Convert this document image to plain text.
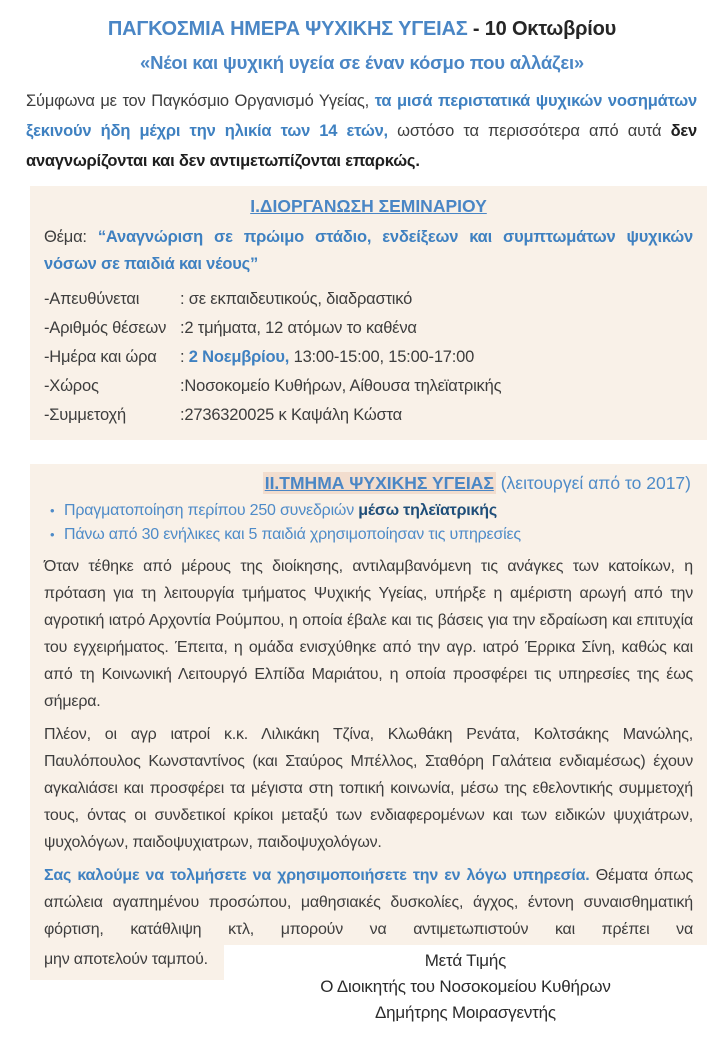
ΠΑΓΚΟΣΜΙΑ ΗΜΕΡΑ ΨΥΧΙΚΗΣ ΥΓΕΙΑΣ - 10 Οκτωβρίου
«Νέοι και ψυχική υγεία σε έναν κόσμο που αλλάζει»
Σύμφωνα με τον Παγκόσμιο Οργανισμό Υγείας, τα μισά περιστατικά ψυχικών νοσημάτων ξεκινούν ήδη μέχρι την ηλικία των 14 ετών, ωστόσο τα περισσότερα από αυτά δεν αναγνωρίζονται και δεν αντιμετωπίζονται επαρκώς.
Ι.ΔΙΟΡΓΑΝΩΣΗ ΣΕΜΙΝΑΡΙΟΥ
Θέμα: “Αναγνώριση σε πρώιμο στάδιο, ενδείξεων και συμπτωμάτων ψυχικών νόσων σε παιδιά και νέους”
-Απευθύνεται	: σε εκπαιδευτικούς, διαδραστικό
-Αριθμός θέσεων :2 τμήματα, 12 ατόμων το καθένα
-Ημέρα και ώρα	: 2 Νοεμβρίου, 13:00-15:00, 15:00-17:00
-Χώρος	:Νοσοκομείο Κυθήρων, Αίθουσα τηλεϊατρικής
-Συμμετοχή	:2736320025 κ Καψάλη Κώστα
ΙΙ.ΤΜΗΜΑ ΨΥΧΙΚΗΣ ΥΓΕΙΑΣ (λειτουργεί από το 2017)
• Πραγματοποίηση περίπου 250 συνεδριών μέσω τηλεϊατρικής
• Πάνω από 30 ενήλικες και 5 παιδιά χρησιμοποίησαν τις υπηρεσίες
Όταν τέθηκε από μέρους της διοίκησης, αντιλαμβανόμενη τις ανάγκες των κατοίκων, η πρόταση για τη λειτουργία τμήματος Ψυχικής Υγείας, υπήρξε η αμέριστη αρωγή από την αγροτική ιατρό Αρχοντία Ρούμπου, η οποία έβαλε και τις βάσεις για την εδραίωση και επιτυχία του εγχειρήματος. Έπειτα, η ομάδα ενισχύθηκε από την αγρ. ιατρό Έρρικα Σίνη, καθώς και από τη Κοινωνική Λειτουργό Ελπίδα Μαριάτου, η οποία προσφέρει τις υπηρεσίες της έως σήμερα.
Πλέον, οι αγρ ιατροί κ.κ. Λιλικάκη Τζίνα, Κλωθάκη Ρενάτα, Κολτσάκης Μανώλης, Παυλόπουλος Κωνσταντίνος (και Σταύρος Μπέλλος, Σταθόρη Γαλάτεια ενδιαμέσως) έχουν αγκαλιάσει και προσφέρει τα μέγιστα στη τοπική κοινωνία, μέσω της εθελοντικής συμμετοχή τους, όντας οι συνδετικοί κρίκοι μεταξύ των ενδιαφερομένων και των ειδικών ψυχιάτρων, ψυχολόγων, παιδοψυχιατρων, παιδοψυχολόγων.
Σας καλούμε να τολμήσετε να χρησιμοποιήσετε την εν λόγω υπηρεσία. Θέματα όπως απώλεια αγαπημένου προσώπου, μαθησιακές δυσκολίες, άγχος, έντονη συναισθηματική φόρτιση, κατάθλιψη κτλ, μπορούν να αντιμετωπιστούν και πρέπει να
μην αποτελούν ταμπού.	Μετά Τιμής
Ο Διοικητής του Νοσοκομείου Κυθήρων
Δημήτρης Μοιρασγεντής
